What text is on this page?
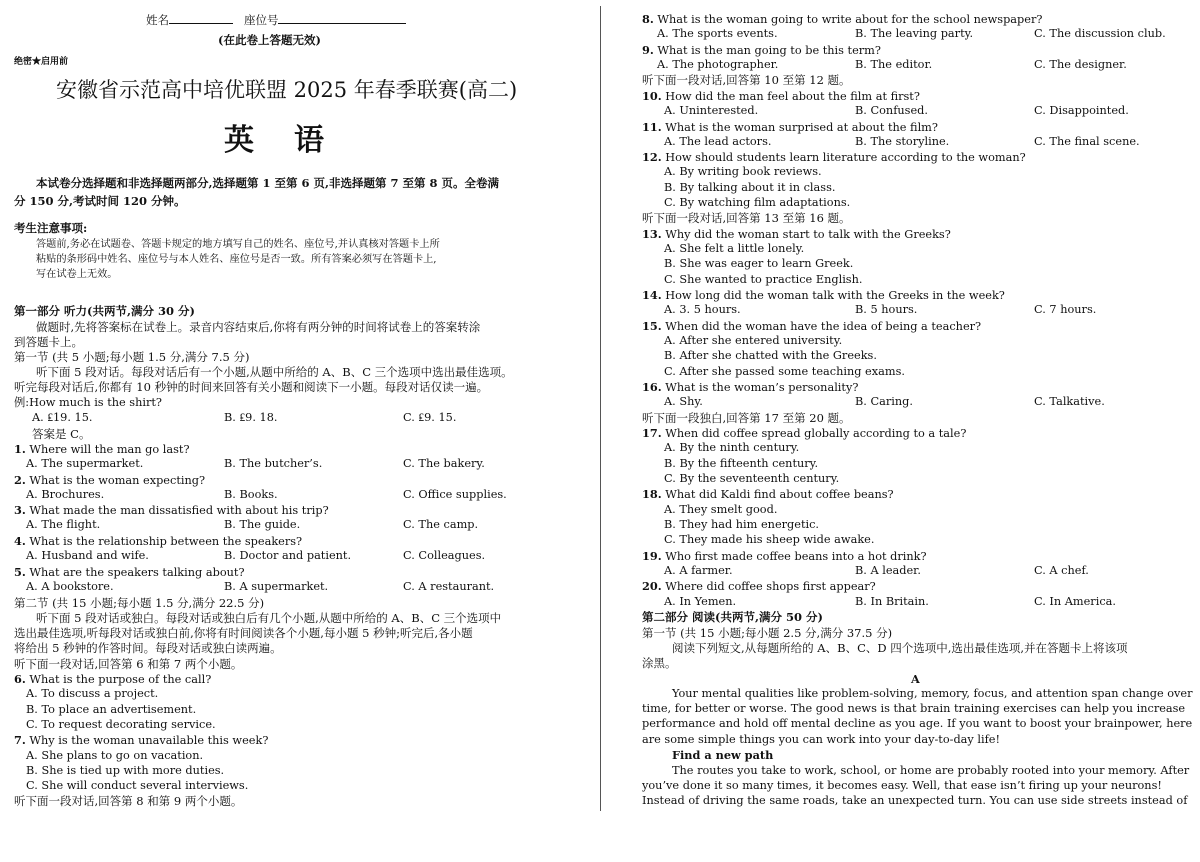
姓名	座位号
(在此卷上答题无效)
绝密★启用前
安徽省示范高中培优联盟 2025 年春季联赛(高二)
英语
本试卷分选择题和非选择题两部分,选择题第 1 至第 6 页,非选择题第 7 至第 8 页。全卷满
分 150 分,考试时间 120 分钟。
考生注意事项:
答题前,务必在试题卷、答题卡规定的地方填写自己的姓名、座位号,并认真核对答题卡上所
粘贴的条形码中姓名、座位号与本人姓名、座位号是否一致。所有答案必须写在答题卡上,
写在试卷上无效。
第一部分 听力(共两节,满分 30 分)
做题时,先将答案标在试卷上。录音内容结束后,你将有两分钟的时间将试卷上的答案转涂
到答题卡上。
第一节 (共 5 小题;每小题 1.5 分,满分 7.5 分)
听下面 5 段对话。每段对话后有一个小题,从题中所给的 A、B、C 三个选项中选出最佳选项。
听完每段对话后,你都有 10 秒钟的时间来回答有关小题和阅读下一小题。每段对话仅读一遍。
例:How much is the shirt?
A. ₤19. 15.	B. ₤9. 18.	C. ₤9. 15.
答案是 C。
1. Where will the man go last?
A. The supermarket.	B. The butcher’s.	C. The bakery.
2. What is the woman expecting?
A. Brochures.	B. Books.	C. Office supplies.
3. What made the man dissatisfied with about his trip?
A. The flight.	B. The guide.	C. The camp.
4. What is the relationship between the speakers?
A. Husband and wife.	B. Doctor and patient.	C. Colleagues.
5. What are the speakers talking about?
A. A bookstore.	B. A supermarket.	C. A restaurant.
第二节 (共 15 小题;每小题 1.5 分,满分 22.5 分)
听下面 5 段对话或独白。每段对话或独白后有几个小题,从题中所给的 A、B、C 三个选项中
选出最佳选项,听每段对话或独白前,你将有时间阅读各个小题,每小题 5 秒钟;听完后,各小题
将给出 5 秒钟的作答时间。每段对话或独白读两遍。
听下面一段对话,回答第 6 和第 7 两个小题。
6. What is the purpose of the call?
A. To discuss a project.
B. To place an advertisement.
C. To request decorating service.
7. Why is the woman unavailable this week?
A. She plans to go on vacation.
B. She is tied up with more duties.
C. She will conduct several interviews.
听下面一段对话,回答第 8 和第 9 两个小题。
8. What is the woman going to write about for the school newspaper?
A. The sports events.	B. The leaving party.	C. The discussion club.
9. What is the man going to be this term?
A. The photographer.	B. The editor.	C. The designer.
听下面一段对话,回答第 10 至第 12 题。
10. How did the man feel about the film at first?
A. Uninterested.	B. Confused.	C. Disappointed.
11. What is the woman surprised at about the film?
A. The lead actors.	B. The storyline.	C. The final scene.
12. How should students learn literature according to the woman?
A. By writing book reviews.
B. By talking about it in class.
C. By watching film adaptations.
听下面一段对话,回答第 13 至第 16 题。
13. Why did the woman start to talk with the Greeks?
A. She felt a little lonely.
B. She was eager to learn Greek.
C. She wanted to practice English.
14. How long did the woman talk with the Greeks in the week?
A. 3. 5 hours.	B. 5 hours.	C. 7 hours.
15. When did the woman have the idea of being a teacher?
A. After she entered university.
B. After she chatted with the Greeks.
C. After she passed some teaching exams.
16. What is the woman’s personality?
A. Shy.	B. Caring.	C. Talkative.
听下面一段独白,回答第 17 至第 20 题。
17. When did coffee spread globally according to a tale?
A. By the ninth century.
B. By the fifteenth century.
C. By the seventeenth century.
18. What did Kaldi find about coffee beans?
A. They smelt good.
B. They had him energetic.
C. They made his sheep wide awake.
19. Who first made coffee beans into a hot drink?
A. A farmer.	B. A leader.	C. A chef.
20. Where did coffee shops first appear?
A. In Yemen.	B. In Britain.	C. In America.
第二部分 阅读(共两节,满分 50 分)
第一节 (共 15 小题;每小题 2.5 分,满分 37.5 分)
阅读下列短文,从每题所给的 A、B、C、D 四个选项中,选出最佳选项,并在答题卡上将该项
涂黑。
A
Your mental qualities like problem-solving, memory, focus, and attention span change over
time, for better or worse. The good news is that brain training exercises can help you increase
performance and hold off mental decline as you age. If you want to boost your brainpower, here
are some simple things you can work into your day-to-day life!
Find a new path
The routes you take to work, school, or home are probably rooted into your memory. After
you’ve done it so many times, it becomes easy. Well, that ease isn’t firing up your neurons!
Instead of driving the same roads, take an unexpected turn. You can use side streets instead of
